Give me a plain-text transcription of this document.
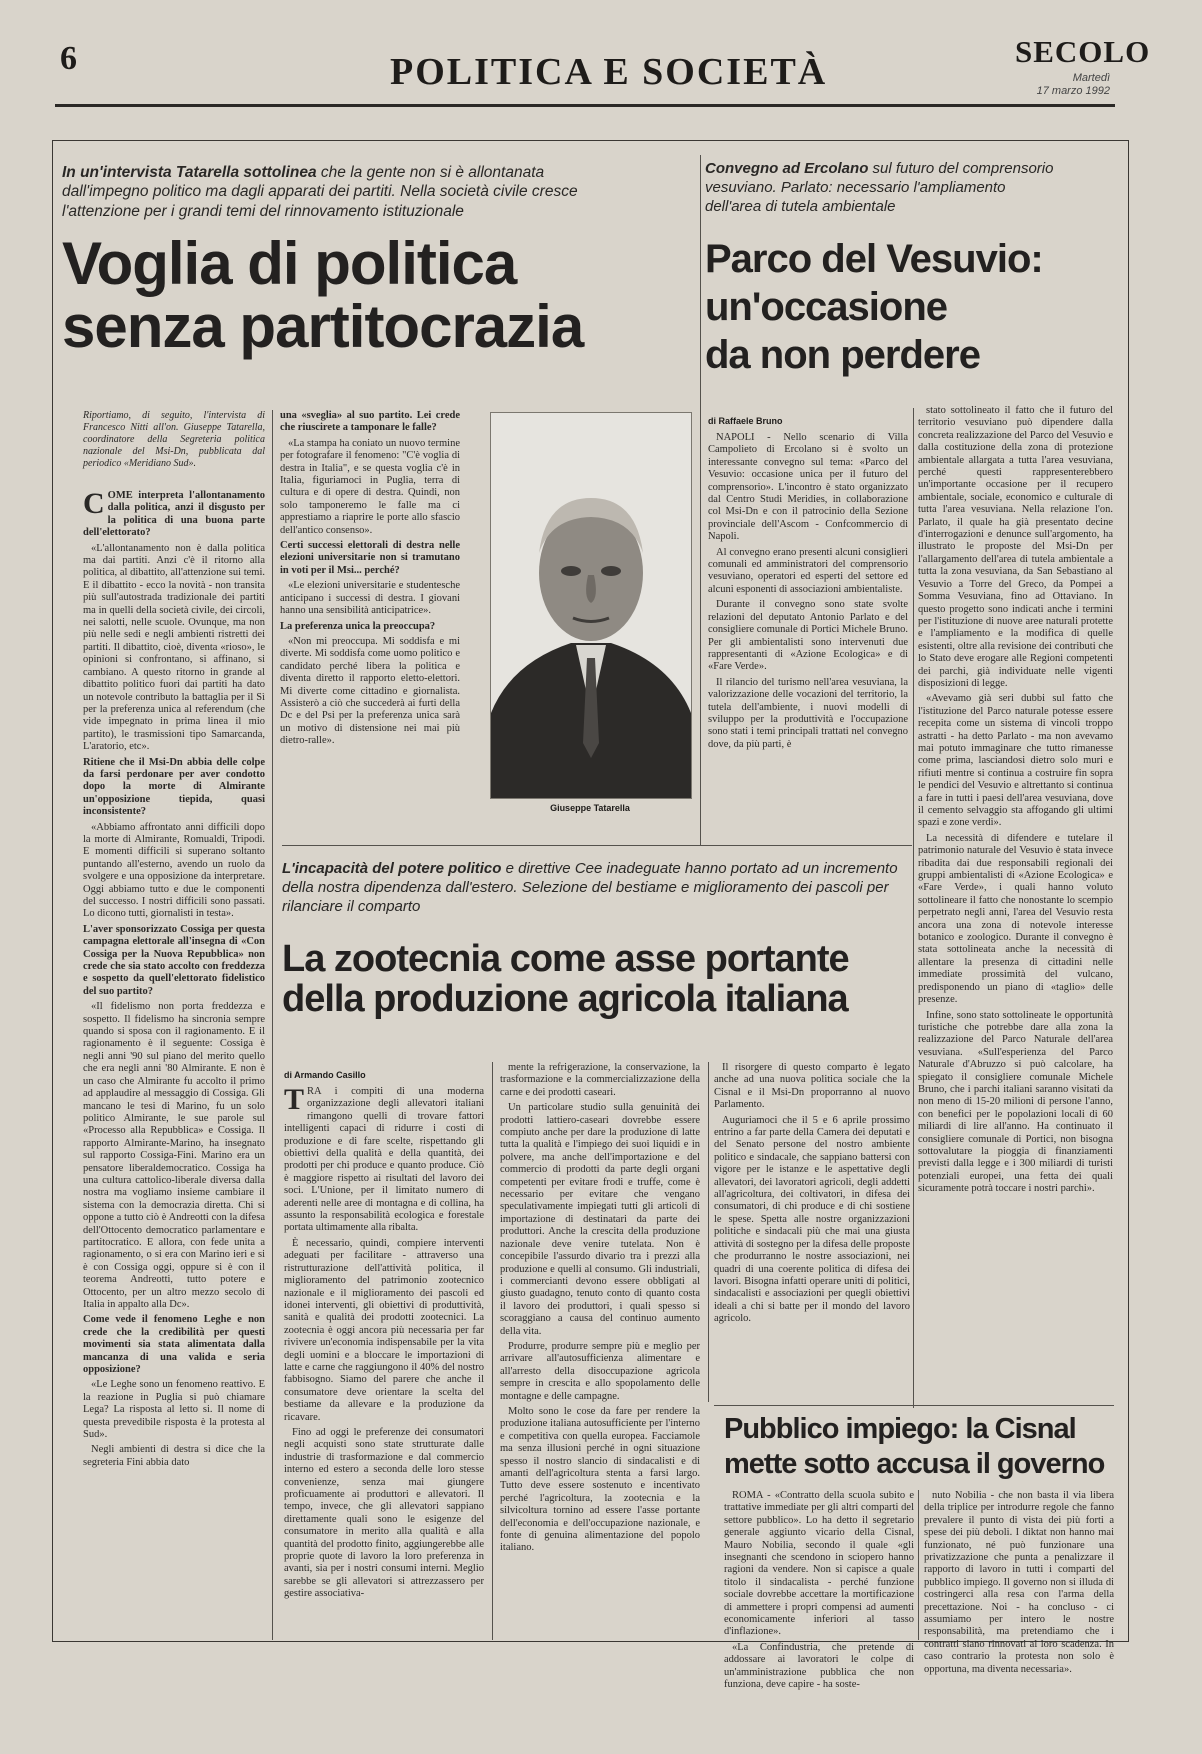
6	POLITICA E SOCIETÀ	SECOLO
Martedì
17 marzo 1992
In un'intervista Tatarella sottolinea che la gente non si è allontanata dall'impegno politico ma dagli apparati dei partiti. Nella società civile cresce l'attenzione per i grandi temi del rinnovamento istituzionale
Voglia di politica
senza partitocrazia

Riportiamo, di seguito, l'intervista di Francesco Nitti all'on. Giuseppe Tatarella, coordinatore della Segreteria politica nazionale del Msi-Dn, pubblicata dal periodico «Meridiano Sud».

COME interpreta l'allontanamento dalla politica, anzi il disgusto per la politica di una buona parte dell'elettorato?

«L'allontanamento non è dalla politica ma dai partiti. Anzi c'è il ritorno alla politica, al dibattito, all'attenzione sui temi. E il dibattito - ecco la novità - non transita più sull'autostrada tradizionale dei partiti ma in quelli della società civile, dei circoli, nei salotti, nelle scuole. Ovunque, ma non più nelle sedi e negli ambienti ristretti dei partiti. Il dibattito, cioè, diventa «rioso», le opinioni si confrontano, si affinano, si cambiano. A questo ritorno in grande al dibattito politico fuori dai partiti ha dato un notevole contributo la battaglia per il Sì per la preferenza unica al referendum (che vide impegnato in prima linea il mio partito), le trasmissioni tipo Samarcanda, L'aratorio, etc».

Ritiene che il Msi-Dn abbia delle colpe da farsi perdonare per aver condotto dopo la morte di Almirante un'opposizione tiepida, quasi inconsistente?

«Abbiamo affrontato anni difficili dopo la morte di Almirante, Romualdi, Tripodi. E momenti difficili si superano soltanto puntando all'esterno, avendo un ruolo da svolgere e una opposizione da interpretare. Oggi abbiamo tutto e due le componenti del successo. I nostri difficili sono passati. Lo dicono tutti, giornalisti in testa».

L'aver sponsorizzato Cossiga per questa campagna elettorale all'insegna di «Con Cossiga per la Nuova Repubblica» non crede che sia stato accolto con freddezza e sospetto da quell'elettorato fidelistico del suo partito?

«Il fidelismo non porta freddezza e sospetto. Il fidelismo ha sincronia sempre quando si sposa con il ragionamento. E il ragionamento è il seguente: Cossiga è negli anni '90 sul piano del merito quello che era negli anni '80 Almirante. E non è un caso che Almirante fu accolto il primo ad applaudire al messaggio di Cossiga. Gli mancano le tesi di Marino, fu un solo politico Almirante, le sue parole sul «Processo alla Repubblica» e Cossiga. Il rapporto Almirante-Marino, ha insegnato sul rapporto Cossiga-Fini. Marino era un pensatore liberaldemocratico. Cossiga ha una cultura cattolico-liberale diversa dalla nostra ma vogliamo insieme cambiare il sistema con la democrazia diretta. Chi si oppone a tutto ciò è Andreotti con la difesa dell'Ottocento democratico parlamentare e partitocratico. E allora, con fede unita a ragionamento, o si era con Marino ieri e si è con Cossiga oggi, oppure si è con il teorema Andreotti, tutto potere e Ottocento, per un altro mezzo secolo di Italia in appalto alla Dc».

Come vede il fenomeno Leghe e non crede che la credibilità per questi movimenti sia stata alimentata dalla mancanza di una valida e seria opposizione?

«Le Leghe sono un fenomeno reattivo. E la reazione in Puglia si può chiamare Lega? La risposta al letto si. Il nome di questa prevedibile risposta è la protesta al Sud».

Negli ambienti di destra si dice che la segreteria Fini abbia dato

una «sveglia» al suo partito. Lei crede che riuscirete a tamponare le falle?

«La stampa ha coniato un nuovo termine per fotografare il fenomeno: "C'è voglia di destra in Italia", e se questa voglia c'è in Italia, figuriamoci in Puglia, terra di cultura e di opere di destra. Quindi, non solo tamponeremo le falle ma ci apprestiamo a riaprire le porte allo sfascio dell'antico consenso».

Certi successi elettorali di destra nelle elezioni universitarie non si tramutano in voti per il Msi... perché?

«Le elezioni universitarie e studentesche anticipano i successi di destra. I giovani hanno una sensibilità anticipatrice».

La preferenza unica la preoccupa?

«Non mi preoccupa. Mi soddisfa e mi diverte. Mi soddisfa come uomo politico e candidato perché libera la politica e diventa diretto il rapporto eletto-elettori. Mi diverte come cittadino e giornalista. Assisterò a ciò che succederà ai furti della Dc e del Psi per la preferenza unica sarà un motivo di distensione nei mai più dietro-ralle».

Giuseppe Tatarella
Convegno ad Ercolano sul futuro del comprensorio vesuviano. Parlato: necessario l'ampliamento dell'area di tutela ambientale
Parco del Vesuvio:
un'occasione
da non perdere
di Raffaele Bruno

NAPOLI - Nello scenario di Villa Campolieto di Ercolano si è svolto un interessante convegno sul tema: «Parco del Vesuvio: occasione unica per il futuro del comprensorio». L'incontro è stato organizzato dal Centro Studi Meridies, in collaborazione col Msi-Dn e con il patrocinio della Sezione provinciale dell'Ascom - Confcommercio di Napoli.

Al convegno erano presenti alcuni consiglieri comunali ed amministratori del comprensorio vesuviano, operatori ed esperti del settore ed alcuni esponenti di associazioni ambientaliste.

Durante il convegno sono state svolte relazioni del deputato Antonio Parlato e del consigliere comunale di Portici Michele Bruno. Per gli ambientalisti sono intervenuti due rappresentanti di «Azione Ecologica» e di «Fare Verde».

Il rilancio del turismo nell'area vesuviana, la valorizzazione delle vocazioni del territorio, la tutela dell'ambiente, i nuovi modelli di sviluppo per la produttività e l'occupazione sono stati i temi principali trattati nel convegno dove, da più parti, è

stato sottolineato il fatto che il futuro del territorio vesuviano può dipendere dalla concreta realizzazione del Parco del Vesuvio e dalla costituzione della zona di protezione ambientale allargata a tutta l'area vesuviana, perché questi rappresenterebbero un'importante occasione per il recupero ambientale, sociale, economico e culturale di tutta l'area vesuviana. Nella relazione l'on. Parlato, il quale ha già presentato decine d'interrogazioni e denunce sull'argomento, ha illustrato le proposte del Msi-Dn per l'allargamento dell'area di tutela ambientale a tutta la zona vesuviana, da San Sebastiano al Vesuvio a Torre del Greco, da Pompei a Somma Vesuviana, fino ad Ottaviano. In questo progetto sono indicati anche i termini per l'istituzione di nuove aree naturali protette e l'ampliamento e la modifica di quelle esistenti, oltre alla revisione dei contributi che lo Stato deve erogare alle Regioni competenti dei parchi, già individuate nelle vigenti disposizioni di legge.

«Avevamo già seri dubbi sul fatto che l'istituzione del Parco naturale potesse essere recepita come un sistema di vincoli troppo astratti - ha detto Parlato - ma non avevamo mai potuto immaginare che tutto rimanesse come prima, lasciandosi dietro solo muri e rifiuti mentre si continua a costruire fin sopra le pendici del Vesuvio e altrettanto si continua a fare in tutti i paesi dell'area vesuviana, dove il cemento selvaggio sta affogando gli ultimi spazi e zone verdi».

La necessità di difendere e tutelare il patrimonio naturale del Vesuvio è stata invece ribadita dai due responsabili regionali dei gruppi ambientalisti di «Azione Ecologica» e «Fare Verde», i quali hanno voluto sottolineare il fatto che nonostante lo scempio perpetrato negli anni, l'area del Vesuvio resta ancora una zona di notevole interesse botanico e zoologico. Durante il convegno è stata sottolineata anche la necessità di allentare la presenza di cittadini nelle immediate prossimità del vulcano, predisponendo un piano di «taglio» delle presenze.

Infine, sono stato sottolineate le opportunità turistiche che potrebbe dare alla zona la realizzazione del Parco Naturale dell'area vesuviana. «Sull'esperienza del Parco Naturale d'Abruzzo si può calcolare, ha spiegato il consigliere comunale Michele Bruno, che i parchi italiani saranno visitati da non meno di 15-20 milioni di persone l'anno, con benefici per le popolazioni locali di 60 miliardi di lire all'anno. Ha continuato il consigliere comunale di Portici, non bisogna sottovalutare la pioggia di finanziamenti previsti dalla legge e i 300 miliardi di turisti potenziali europei, una fetta dei quali sicuramente potrà toccare i nostri parchi».

L'incapacità del potere politico e direttive Cee inadeguate hanno portato ad un incremento della nostra dipendenza dall'estero. Selezione del bestiame e miglioramento dei pascoli per rilanciare il comparto
La zootecnia come asse portante
della produzione agricola italiana
di Armando Casillo

TRA i compiti di una moderna organizzazione degli allevatori italiani rimangono quelli di trovare fattori intelligenti capaci di ridurre i costi di produzione e di fare scelte, rispettando gli obiettivi della qualità e della quantità, dei prodotti per chi produce e quanto produce. Ciò è maggiore rispetto ai risultati del lavoro dei soci. L'Unione, per il limitato numero di aderenti nelle aree di montagna e di collina, ha assunto la responsabilità ecologica e forestale portata ultimamente alla ribalta.

È necessario, quindi, compiere interventi adeguati per facilitare - attraverso una ristrutturazione dell'attività politica, il miglioramento del patrimonio zootecnico nazionale e il miglioramento dei pascoli ed idonei interventi, gli obiettivi di produttività, sanità e qualità dei prodotti zootecnici. La zootecnia è oggi ancora più necessaria per far rivivere un'economia indispensabile per la vita degli uomini e a bloccare le importazioni di latte e carne che raggiungono il 40% del nostro fabbisogno. Siamo del parere che anche il consumatore deve orientare la scelta del bestiame da allevare e la produzione da ricavare.

Fino ad oggi le preferenze dei consumatori negli acquisti sono state strutturate dalle industrie di trasformazione e dal commercio interno ed estero a seconda delle loro stesse convenienze, senza mai giungere proficuamente ai produttori e allevatori. Il tempo, invece, che gli allevatori sappiano direttamente quali sono le esigenze del consumatore in merito alla qualità e alla quantità del prodotto finito, aggiungerebbe alle proprie quote di lavoro la loro preferenza in avanti, sia per i nostri consumi interni. Meglio sarebbe se gli allevatori si attrezzassero per gestire associativa-

mente la refrigerazione, la conservazione, la trasformazione e la commercializzazione della carne e dei prodotti caseari.

Un particolare studio sulla genuinità dei prodotti lattiero-caseari dovrebbe essere compiuto anche per dare la produzione di latte tutta la qualità e l'impiego dei suoi liquidi e in polvere, ma anche dell'importazione e del commercio di prodotti da parte degli organi competenti per evitare frodi e truffe, come è necessario per evitare che vengano speculativamente impiegati tutti gli articoli di importazione di destinatari da parte dei produttori. Anche la crescita della produzione nazionale deve venire tutelata. Non è concepibile l'assurdo divario tra i prezzi alla produzione e quelli al consumo. Gli industriali, i commercianti devono essere obbligati al giusto guadagno, tenuto conto di quanto costa il lavoro dei produttori, i quali spesso si scoraggiano a causa del continuo aumento della vita.

Produrre, produrre sempre più e meglio per arrivare all'autosufficienza alimentare e all'arresto della disoccupazione agricola sempre in crescita e allo spopolamento delle montagne e delle campagne.

Molto sono le cose da fare per rendere la produzione italiana autosufficiente per l'interno e competitiva con quella europea. Facciamole ma senza illusioni perché in ogni situazione spesso il nostro slancio di sindacalisti e di amanti dell'agricoltura stenta a farsi largo. Tutto deve essere sostenuto e incentivato perché l'agricoltura, la zootecnia e la silvicoltura tornino ad essere l'asse portante dell'economia e dell'occupazione nazionale, e fonte di genuina alimentazione del popolo italiano.

Il risorgere di questo comparto è legato anche ad una nuova politica sociale che la Cisnal e il Msi-Dn proporranno al nuovo Parlamento.

Auguriamoci che il 5 e 6 aprile prossimo entrino a far parte della Camera dei deputati e del Senato persone del nostro ambiente politico e sindacale, che sappiano battersi con vigore per le istanze e le aspettative degli allevatori, dei lavoratori agricoli, degli addetti all'agricoltura, dei coltivatori, in difesa dei consumatori, di chi produce e di chi sostiene le spese. Spetta alle nostre organizzazioni politiche e sindacali più che mai una giusta attività di sostegno per la difesa delle proposte che produrranno le nostre associazioni, nei quadri di una coerente politica di difesa dei lavori. Bisogna infatti operare uniti di politici, sindacalisti e associazioni per quegli obiettivi ideali a chi si batte per il mondo del lavoro agricolo.

Pubblico impiego: la Cisnal
mette sotto accusa il governo

ROMA - «Contratto della scuola subito e trattative immediate per gli altri comparti del settore pubblico». Lo ha detto il segretario generale aggiunto vicario della Cisnal, Mauro Nobilia, secondo il quale «gli insegnanti che scendono in sciopero hanno ragioni da vendere. Non si capisce a quale titolo il sindacalista - perché funzione sociale dovrebbe accettare la mortificazione di ammettere i propri compensi ad aumenti economicamente inferiori al tasso d'inflazione».

«La Confindustria, che pretende di addossare ai lavoratori le colpe di un'amministrazione pubblica che non funziona, deve capire - ha soste-

nuto Nobilia - che non basta il via libera della triplice per introdurre regole che fanno prevalere il punto di vista dei più forti a spese dei più deboli. I diktat non hanno mai funzionato, né può funzionare una privatizzazione che punta a penalizzare il rapporto di lavoro in tutti i comparti del pubblico impiego. Il governo non si illuda di costringerci alla resa con l'arma della precettazione. Noi - ha concluso - ci assumiamo per intero le nostre responsabilità, ma pretendiamo che i contratti siano rinnovati al loro scadenza. In caso contrario la protesta non solo è opportuna, ma diventa necessaria».
